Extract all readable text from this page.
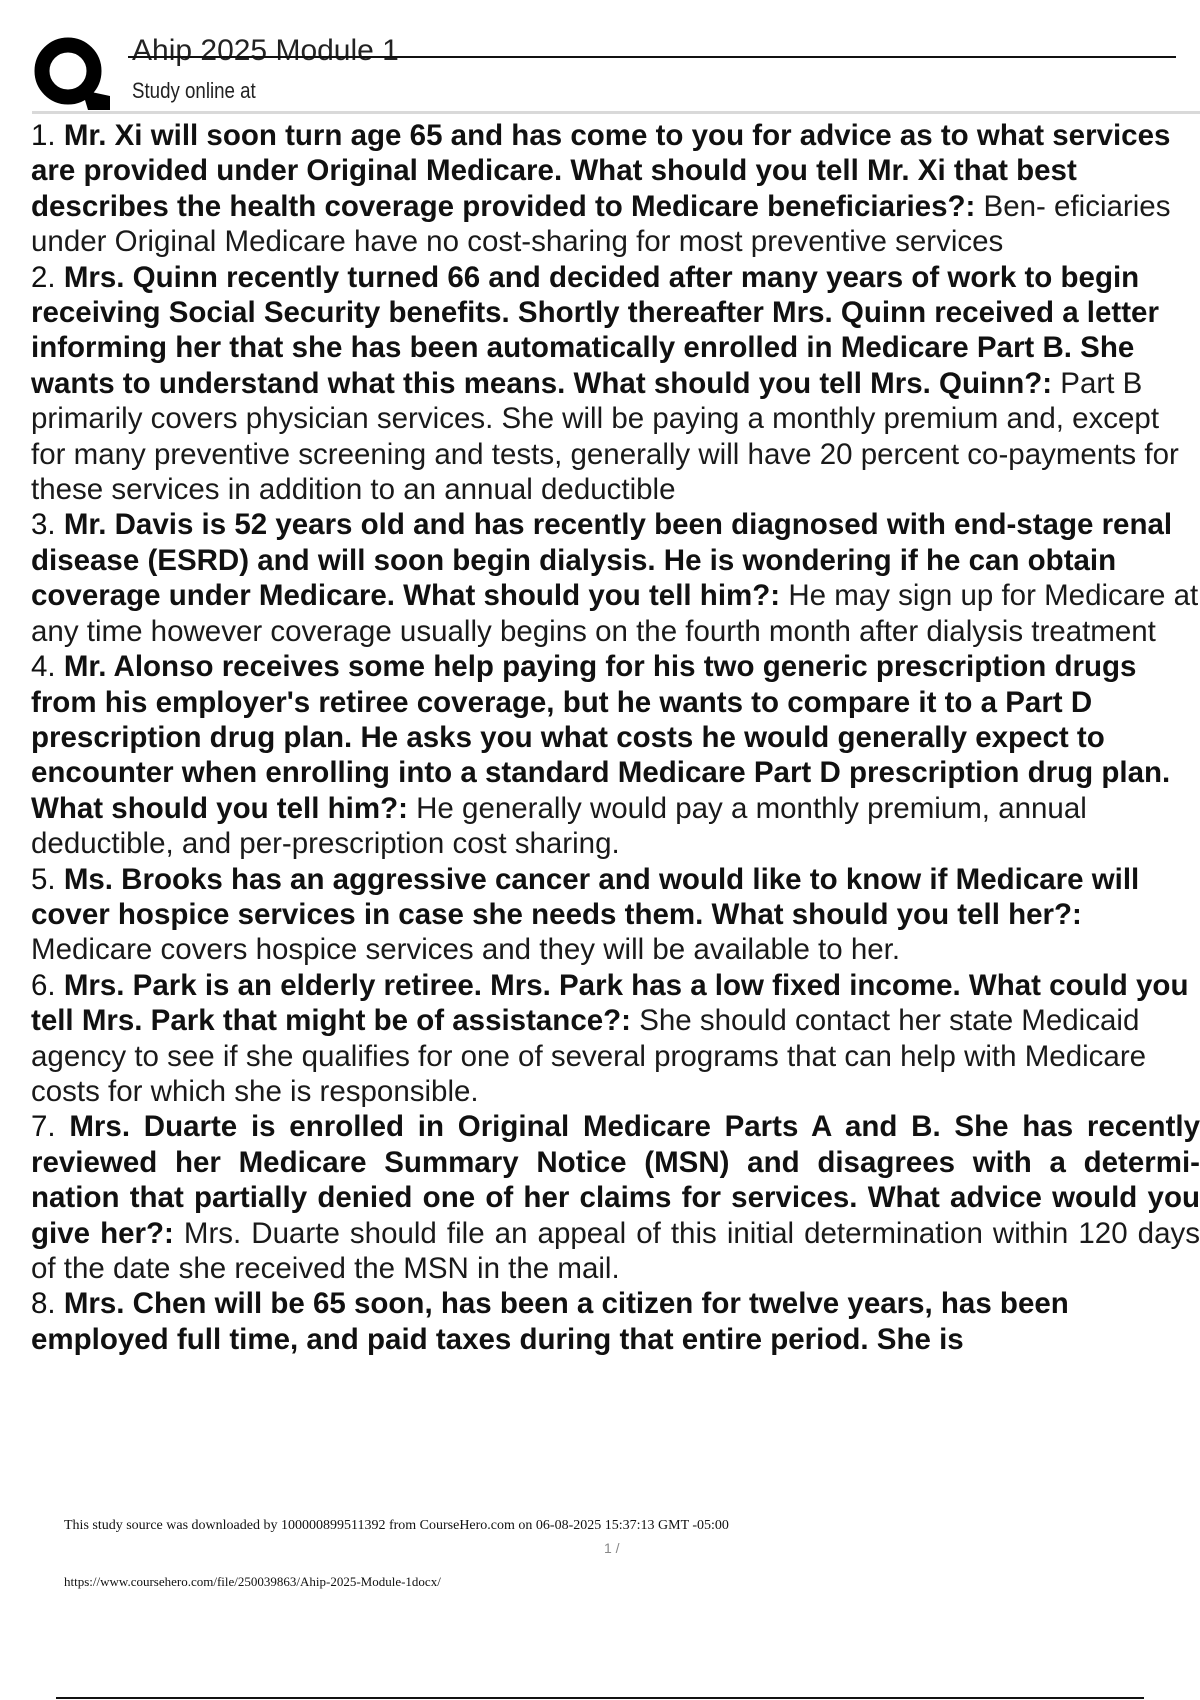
Ahip 2025 Module 1
Study online at

1. Mr. Xi will soon turn age 65 and has come to you for advice as to what services are provided under Original Medicare. What should you tell Mr. Xi that best describes the health coverage provided to Medicare beneficiaries?: Ben- eficiaries under Original Medicare have no cost-sharing for most preventive services

2. Mrs. Quinn recently turned 66 and decided after many years of work to begin receiving Social Security benefits. Shortly thereafter Mrs. Quinn received a letter informing her that she has been automatically enrolled in Medicare Part B. She wants to understand what this means. What should you tell Mrs. Quinn?: Part B primarily covers physician services. She will be paying a monthly premium and, except for many preventive screening and tests, generally will have 20 percent co-payments for these services in addition to an annual deductible

3. Mr. Davis is 52 years old and has recently been diagnosed with end-stage renal disease (ESRD) and will soon begin dialysis. He is wondering if he can obtain coverage under Medicare. What should you tell him?: He may sign up for Medicare at any time however coverage usually begins on the fourth month after dialysis treatment

4. Mr. Alonso receives some help paying for his two generic prescription drugs from his employer's retiree coverage, but he wants to compare it to a Part D prescription drug plan. He asks you what costs he would generally expect to encounter when enrolling into a standard Medicare Part D prescription drug plan. What should you tell him?: He generally would pay a monthly premium, annual deductible, and per-prescription cost sharing.

5. Ms. Brooks has an aggressive cancer and would like to know if Medicare will cover hospice services in case she needs them. What should you tell her?: Medicare covers hospice services and they will be available to her.

6. Mrs. Park is an elderly retiree. Mrs. Park has a low fixed income. What could you tell Mrs. Park that might be of assistance?: She should contact her state Medicaid agency to see if she qualifies for one of several programs that can help with Medicare costs for which she is responsible.

7. Mrs. Duarte is enrolled in Original Medicare Parts A and B. She has recently reviewed her Medicare Summary Notice (MSN) and disagrees with a determi- nation that partially denied one of her claims for services. What advice would you give her?: Mrs. Duarte should file an appeal of this initial determination within 120 days of the date she received the MSN in the mail.

8. Mrs. Chen will be 65 soon, has been a citizen for twelve years, has been employed full time, and paid taxes during that entire period. She is

This study source was downloaded by 100000899511392 from CourseHero.com on 06-08-2025 15:37:13 GMT -05:00
1 /
https://www.coursehero.com/file/250039863/Ahip-2025-Module-1docx/
